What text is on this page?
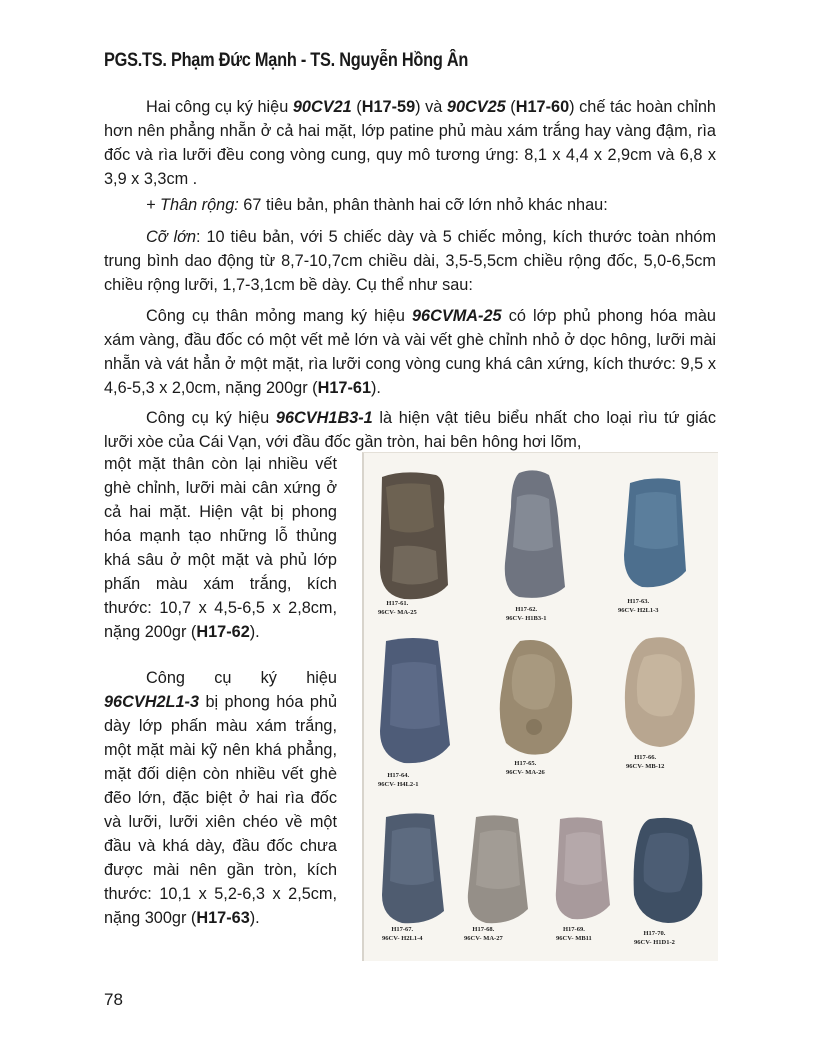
PGS.TS. Phạm Đức Mạnh - TS. Nguyễn Hồng Ân

Hai công cụ ký hiệu 90CV21 (H17-59) và 90CV25 (H17-60) chế tác hoàn chỉnh hơn nên phẳng nhẵn ở cả hai mặt, lớp patine phủ màu xám trắng hay vàng đậm, rìa đốc và rìa lưỡi đều cong vòng cung, quy mô tương ứng: 8,1 x 4,4 x 2,9cm và 6,8 x 3,9 x 3,3cm .

+ Thân rộng: 67 tiêu bản, phân thành hai cỡ lớn nhỏ khác nhau:

Cỡ lớn: 10 tiêu bản, với 5 chiếc dày và 5 chiếc mỏng, kích thước toàn nhóm trung bình dao động từ 8,7-10,7cm chiều dài, 3,5-5,5cm chiều rộng đốc, 5,0-6,5cm chiều rộng lưỡi, 1,7-3,1cm bề dày. Cụ thể như sau:

Công cụ thân mỏng mang ký hiệu 96CVMA-25 có lớp phủ phong hóa màu xám vàng, đầu đốc có một vết mẻ lớn và vài vết ghè chỉnh nhỏ ở dọc hông, lưỡi mài nhẵn và vát hẳn ở một mặt, rìa lưỡi cong vòng cung khá cân xứng, kích thước: 9,5 x 4,6-5,3 x 2,0cm, nặng 200gr (H17-61).

Công cụ ký hiệu 96CVH1B3-1 là hiện vật tiêu biểu nhất cho loại rìu tứ giác lưỡi xòe của Cái Vạn, với đầu đốc gần tròn, hai bên hông hơi lõm,

một mặt thân còn lại nhiều vết ghè chỉnh, lưỡi mài cân xứng ở cả hai mặt. Hiện vật bị phong hóa mạnh tạo những lỗ thủng khá sâu ở một mặt và phủ lớp phấn màu xám trắng, kích thước: 10,7 x 4,5-6,5 x 2,8cm, nặng 200gr (H17-62).

Công cụ ký hiệu 96CVH2L1-3 bị phong hóa phủ dày lớp phấn màu xám trắng, một mặt mài kỹ nên khá phẳng, mặt đối diện còn nhiều vết ghè đẽo lớn, đặc biệt ở hai rìa đốc và lưỡi, lưỡi xiên chéo về một đầu và khá dày, đầu đốc chưa được mài nên gần tròn, kích thước: 10,1 x 5,2-6,3 x 2,5cm, nặng 300gr (H17-63).

H17-61.
96CV- MA-25	H17-62.
96CV- H1B3-1
H17-63.
96CV- H2L1-3
H17-64.
96CV- H4L2-1
H17-65.
96CV- MA-26
H17-66.
96CV- MB-12
H17-67.
96CV- H2L1-4
H17-68.
96CV- MA-27
H17-69.
96CV- MB11
H17-70.
96CV- H1D1-2
78
